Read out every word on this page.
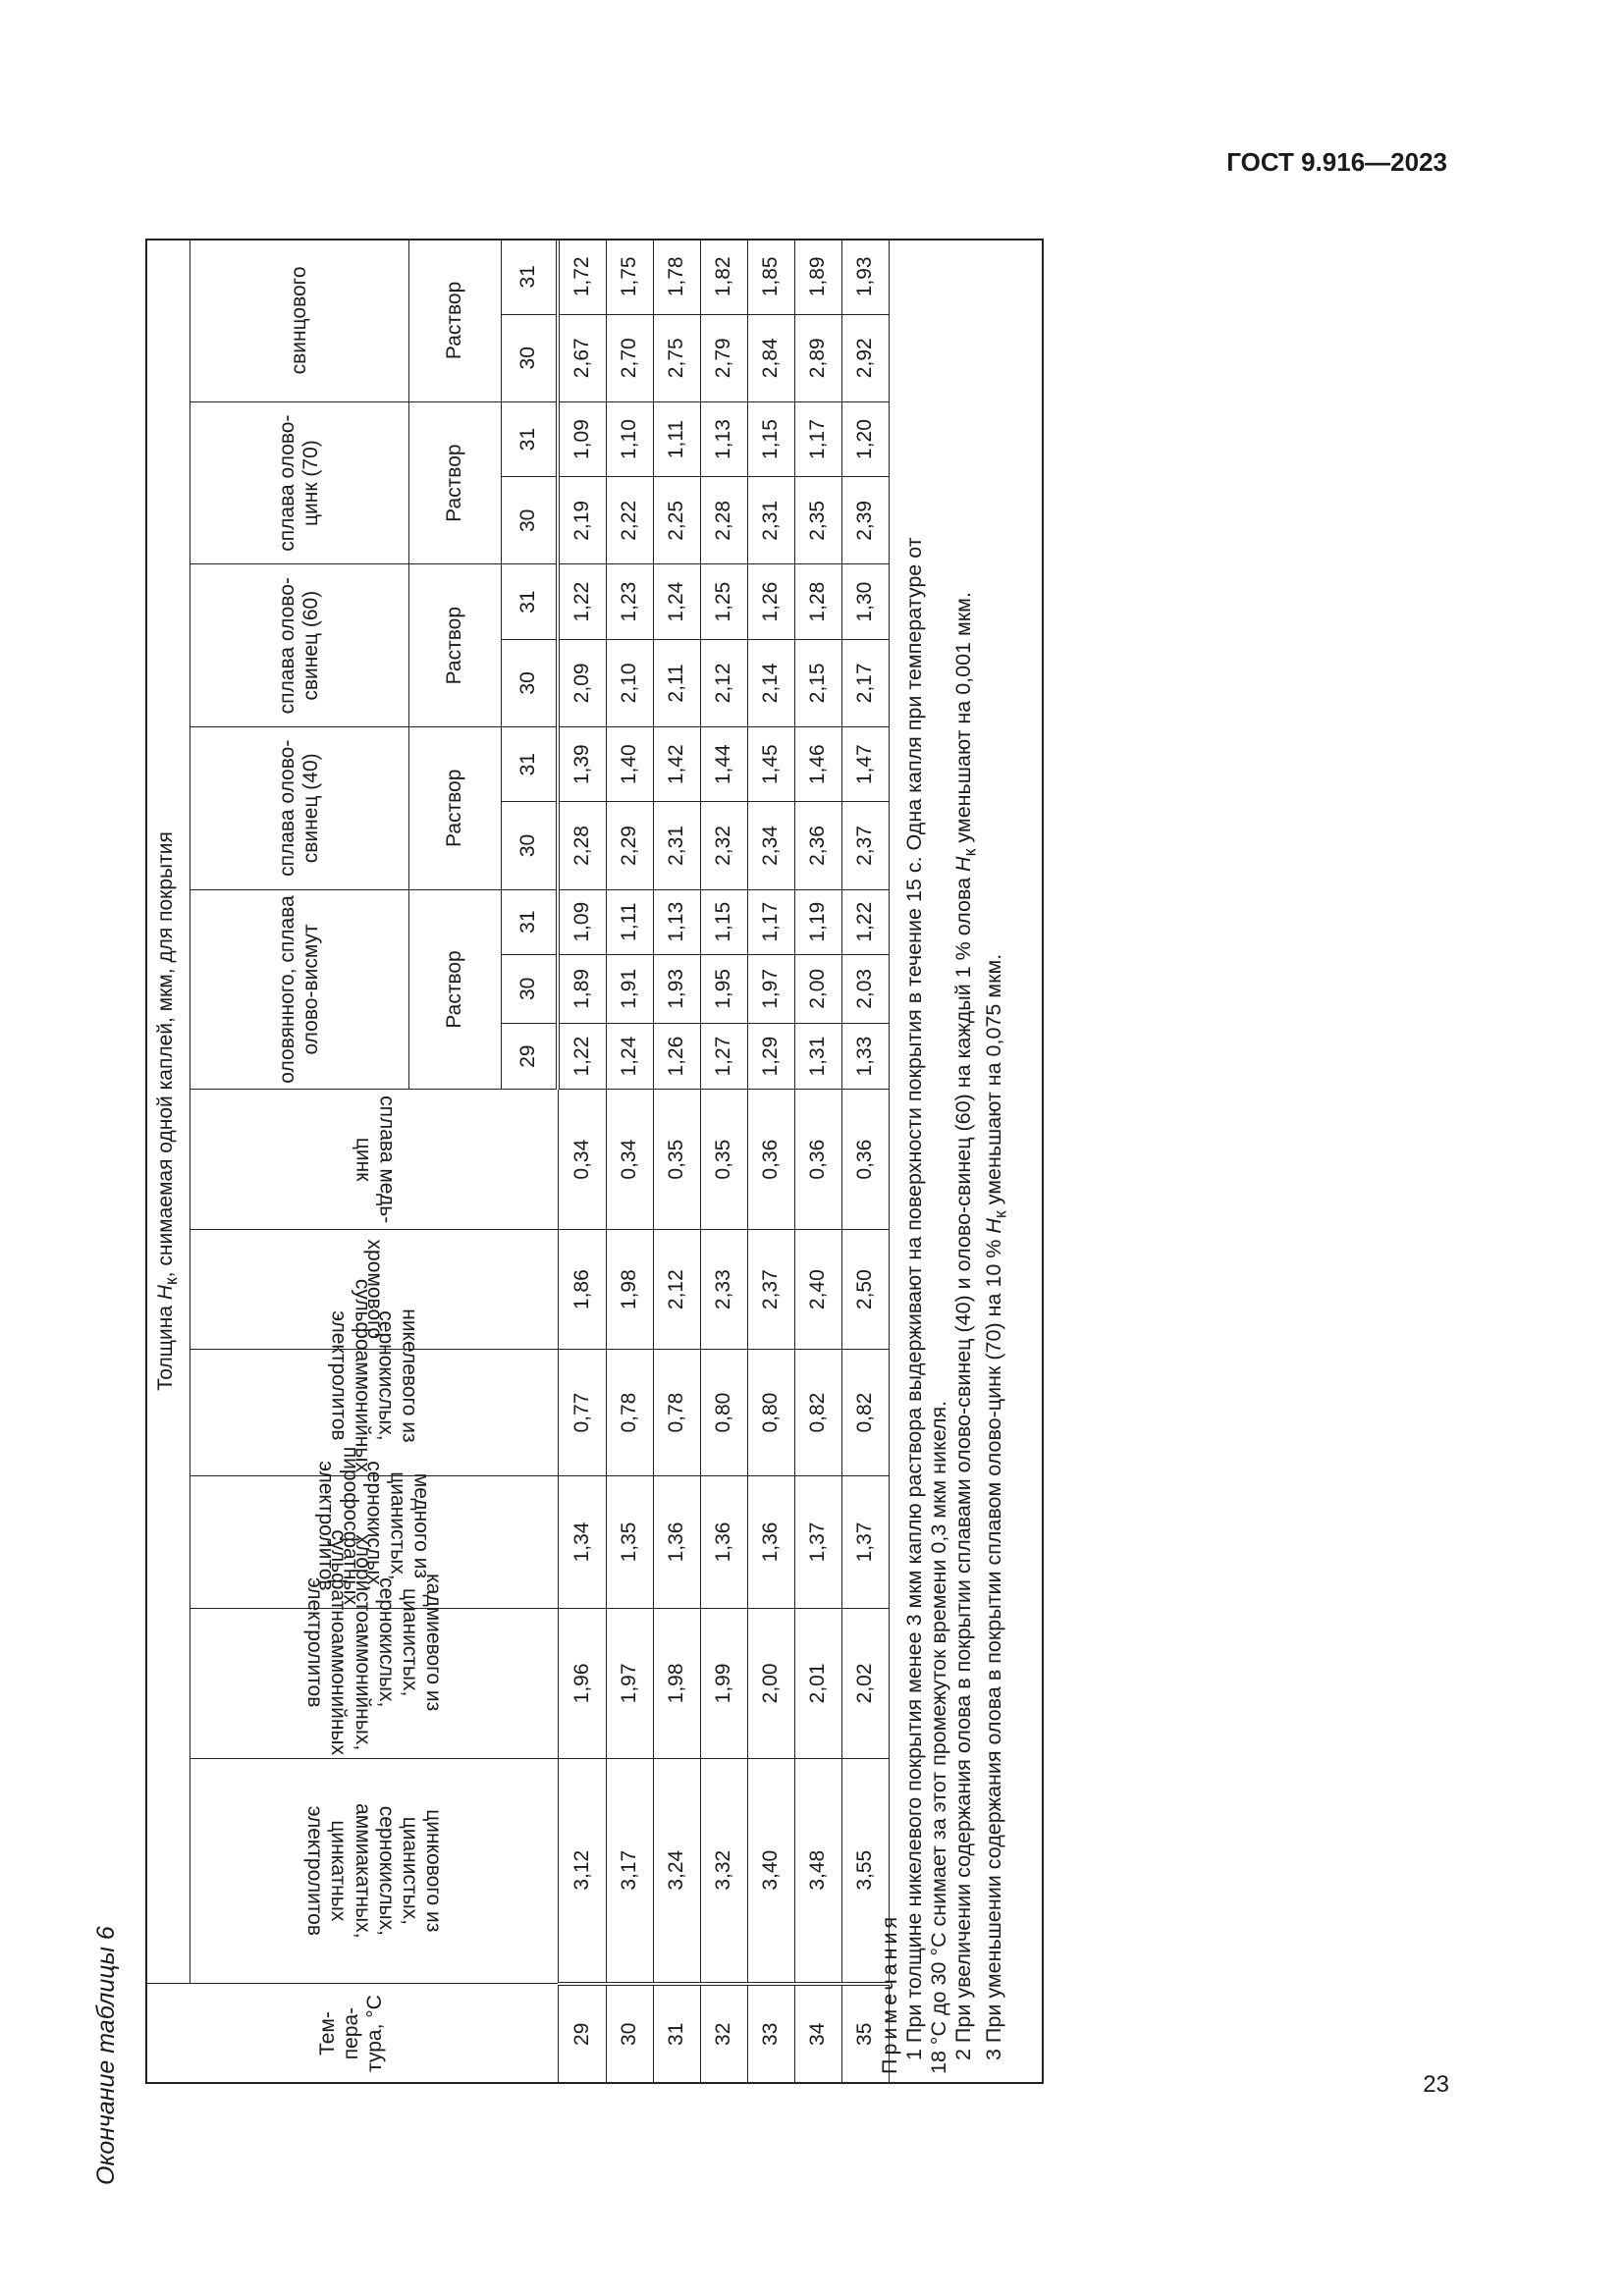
ГОСТ 9.916—2023
Окончание таблицы 6	23
Тем-
пера-
тура, °С	Толщина $H_к$, снимаемая одной каплей, мкм, для покрытия																
	цинкового из цианистых, сернокислых, аммиакатных, цинкатных электролитов	кадмиевого из цианистых, сернокислых, хлористоаммонийных, сульфатноаммонийных электролитов	медного из цианистых, сернокислых, пирофосфатных электролитов	никелевого из сернокислых, сульфоаммонийных электролитов	хромового	сплава медь-цинк	оловянного, сплава олово-висмут			сплава олово-свинец (40)		сплава олово-свинец (60)		сплава олово-цинк (70)		свинцового	
							Раствор			Раствор		Раствор		Раствор		Раствор	
							29	30	31	30	31	30	31	30	31	30	31
29	3,12	1,96	1,34	0,77	1,86	0,34	1,22	1,89	1,09	2,28	1,39	2,09	1,22	2,19	1,09	2,67	1,72
30	3,17	1,97	1,35	0,78	1,98	0,34	1,24	1,91	1,11	2,29	1,40	2,10	1,23	2,22	1,10	2,70	1,75
31	3,24	1,98	1,36	0,78	2,12	0,35	1,26	1,93	1,13	2,31	1,42	2,11	1,24	2,25	1,11	2,75	1,78
32	3,32	1,99	1,36	0,80	2,33	0,35	1,27	1,95	1,15	2,32	1,44	2,12	1,25	2,28	1,13	2,79	1,82
33	3,40	2,00	1,36	0,80	2,37	0,36	1,29	1,97	1,17	2,34	1,45	2,14	1,26	2,31	1,15	2,84	1,85
34	3,48	2,01	1,37	0,82	2,40	0,36	1,31	2,00	1,19	2,36	1,46	2,15	1,28	2,35	1,17	2,89	1,89
35	3,55	2,02	1,37	0,82	2,50	0,36	1,33	2,03	1,22	2,37	1,47	2,17	1,30	2,39	1,20	2,92	1,93
Примечания 1 При толщине никелевого покрытия менее 3 мкм каплю раствора выдерживают на поверхности покрытия в течение 15 с. Одна капля при температуре от 18 °С до 30 °С снимает за этот промежуток времени 0,3 мкм никеля. 2 При увеличении содержания олова в покрытии сплавами олово-свинец (40) и олово-свинец (60) на каждый 1 % олова $H_к$ уменьшают на 0,001 мкм.
3 При уменьшении содержания олова в покрытии сплавом олово-цинк (70) на 10 % $H_к$ уменьшают на 0,075 мкм.
